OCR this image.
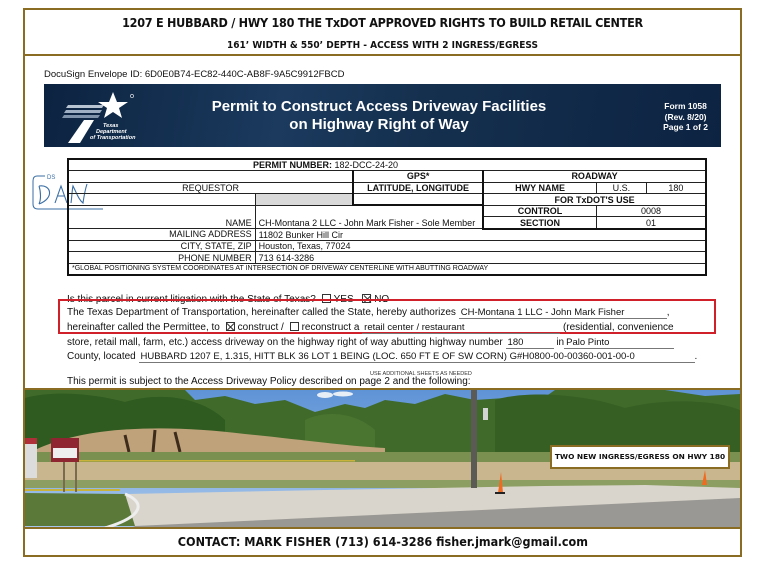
1207 E HUBBARD / HWY 180 THE TxDOT APPROVED RIGHTS TO BUILD RETAIL CENTER
161’ WIDTH & 550’ DEPTH - ACCESS WITH 2 INGRESS/EGRESS
DocuSign Envelope ID: 6D0E0B74-EC82-440C-AB8F-9A5C9912FBCD
Texas
Department
of Transportation
Permit to Construct Access Driveway Facilities
on Highway Right of Way
Form 1058
(Rev. 8/20)
Page 1 of 2
DS
PERMIT NUMBER: 182-DCC-24-20					
		GPS*	ROADWAY		
REQUESTOR		LATITUDE, LONGITUDE	HWY NAME	U.S.	180
			FOR TxDOT'S USE		
			CONTROL	0008	
NAME	CH-Montana 2 LLC - John Mark Fisher - Sole Member		SECTION	01	
MAILING ADDRESS	11802 Bunker Hill Cir				
CITY, STATE, ZIP	Houston, Texas, 77024				
PHONE NUMBER	713 614-3286				
*GLOBAL POSITIONING SYSTEM COORDINATES AT INTERSECTION OF DRIVEWAY CENTERLINE WITH ABUTTING ROADWAY					
Is this parcel in current litigation with the State of Texas? YES NO
The Texas Department of Transportation, hereinafter called the State, hereby authorizes CH-Montana 1 LLC - John Mark Fisher	,
hereinafter called the Permittee, to construct / reconstruct a retail center / restaurant	(residential, convenience
store, retail mall, farm, etc.) access driveway on the highway right of way abutting highway number 180	in Palo Pinto
County, located HUBBARD 1207 E, 1.315, HITT BLK 36 LOT 1 BEING (LOC. 650 FT E OF SW CORN) G#H0800-00-00360-001-00-0	.
USE ADDITIONAL SHEETS AS NEEDED
This permit is subject to the Access Driveway Policy described on page 2 and the following:
TWO NEW INGRESS/EGRESS ON HWY 180
CONTACT: MARK FISHER (713) 614-3286 fisher.jmark@gmail.com
